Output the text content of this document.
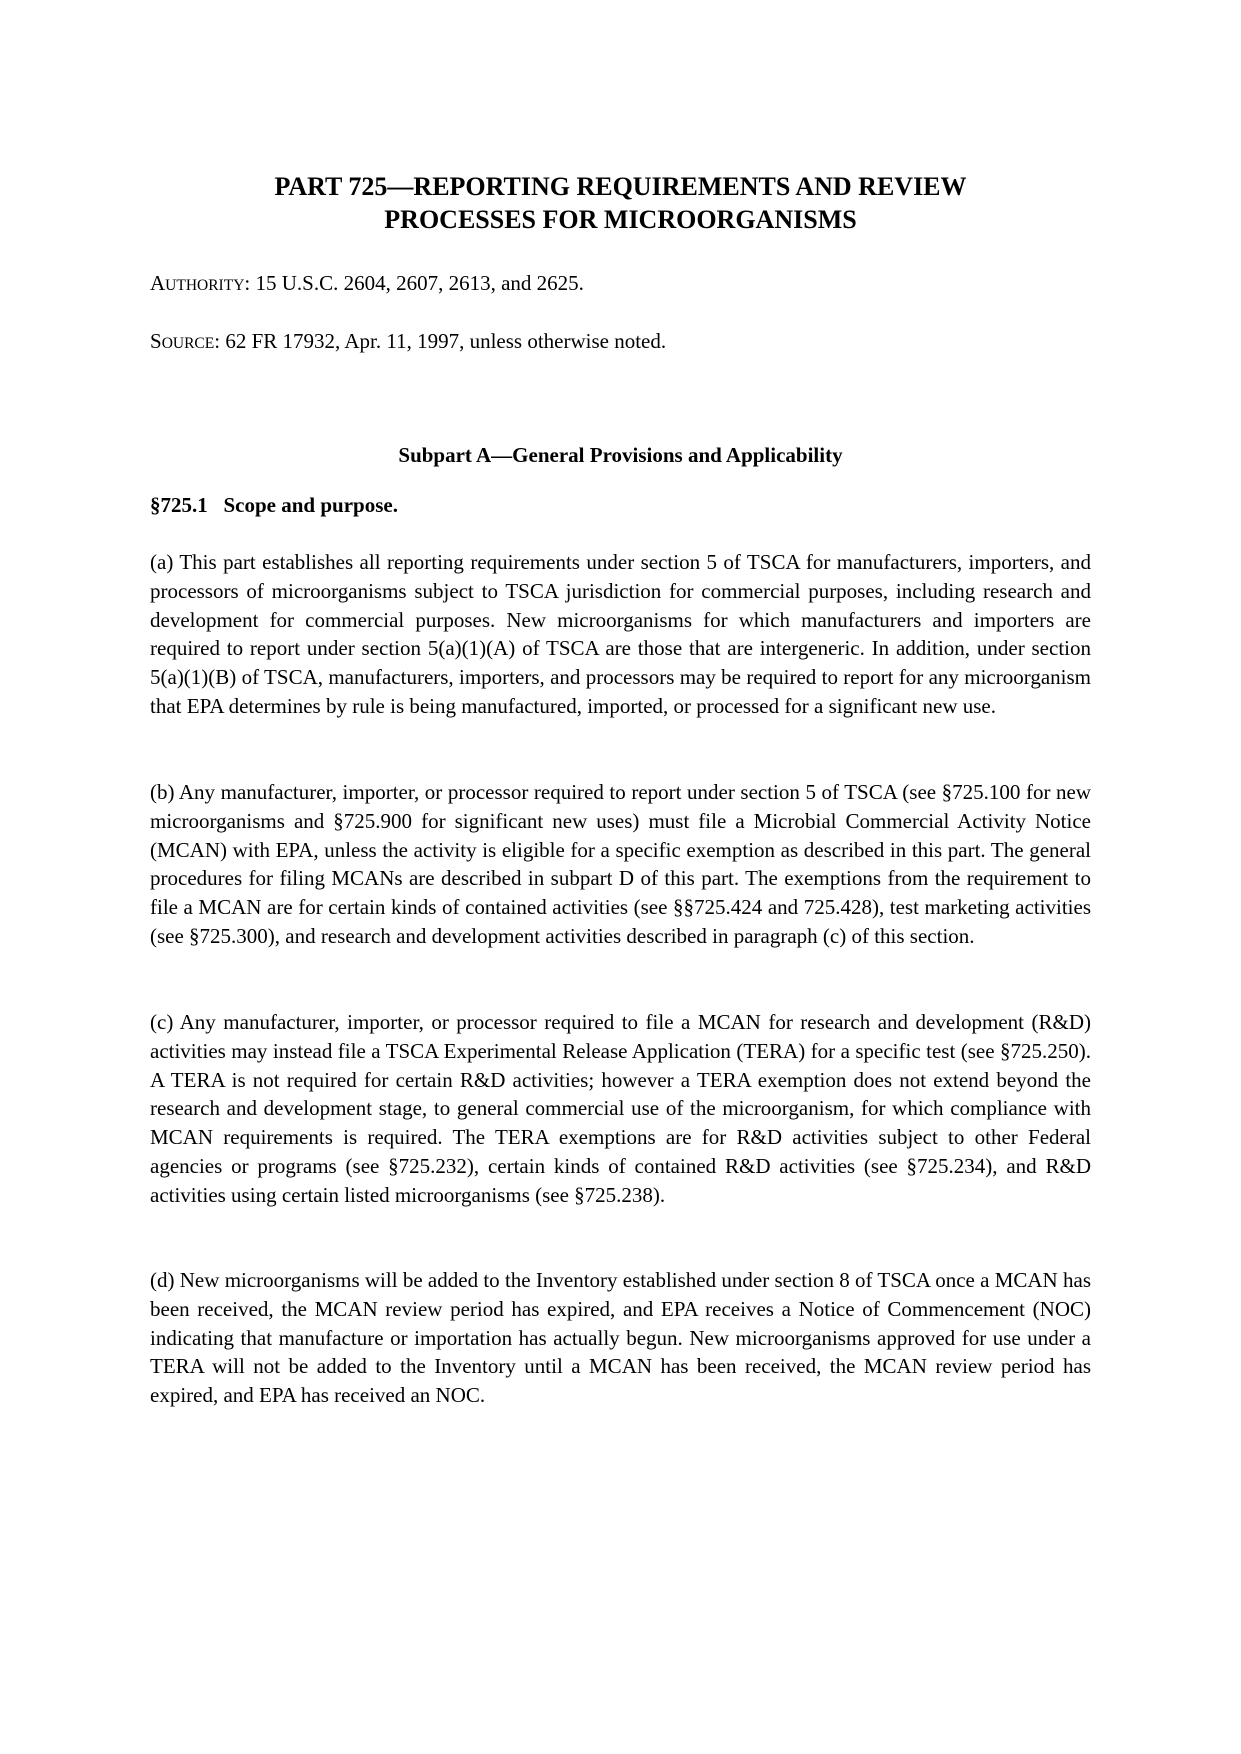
PART 725—REPORTING REQUIREMENTS AND REVIEW
PROCESSES FOR MICROORGANISMS

AUTHORITY: 15 U.S.C. 2604, 2607, 2613, and 2625.

SOURCE: 62 FR 17932, Apr. 11, 1997, unless otherwise noted.

Subpart A—General Provisions and Applicability
§725.1   Scope and purpose.

(a) This part establishes all reporting requirements under section 5 of TSCA for manufacturers, importers, and processors of microorganisms subject to TSCA jurisdiction for commercial purposes, including research and development for commercial purposes. New microorganisms for which manufacturers and importers are required to report under section 5(a)(1)(A) of TSCA are those that are intergeneric. In addition, under section 5(a)(1)(B) of TSCA, manufacturers, importers, and processors may be required to report for any microorganism that EPA determines by rule is being manufactured, imported, or processed for a significant new use.

(b) Any manufacturer, importer, or processor required to report under section 5 of TSCA (see §725.100 for new microorganisms and §725.900 for significant new uses) must file a Microbial Commercial Activity Notice (MCAN) with EPA, unless the activity is eligible for a specific exemption as described in this part. The general procedures for filing MCANs are described in subpart D of this part. The exemptions from the requirement to file a MCAN are for certain kinds of contained activities (see §§725.424 and 725.428), test marketing activities (see §725.300), and research and development activities described in paragraph (c) of this section.

(c) Any manufacturer, importer, or processor required to file a MCAN for research and development (R&D) activities may instead file a TSCA Experimental Release Application (TERA) for a specific test (see §725.250). A TERA is not required for certain R&D activities; however a TERA exemption does not extend beyond the research and development stage, to general commercial use of the microorganism, for which compliance with MCAN requirements is required. The TERA exemptions are for R&D activities subject to other Federal agencies or programs (see §725.232), certain kinds of contained R&D activities (see §725.234), and R&D activities using certain listed microorganisms (see §725.238).

(d) New microorganisms will be added to the Inventory established under section 8 of TSCA once a MCAN has been received, the MCAN review period has expired, and EPA receives a Notice of Commencement (NOC) indicating that manufacture or importation has actually begun. New microorganisms approved for use under a TERA will not be added to the Inventory until a MCAN has been received, the MCAN review period has expired, and EPA has received an NOC.
